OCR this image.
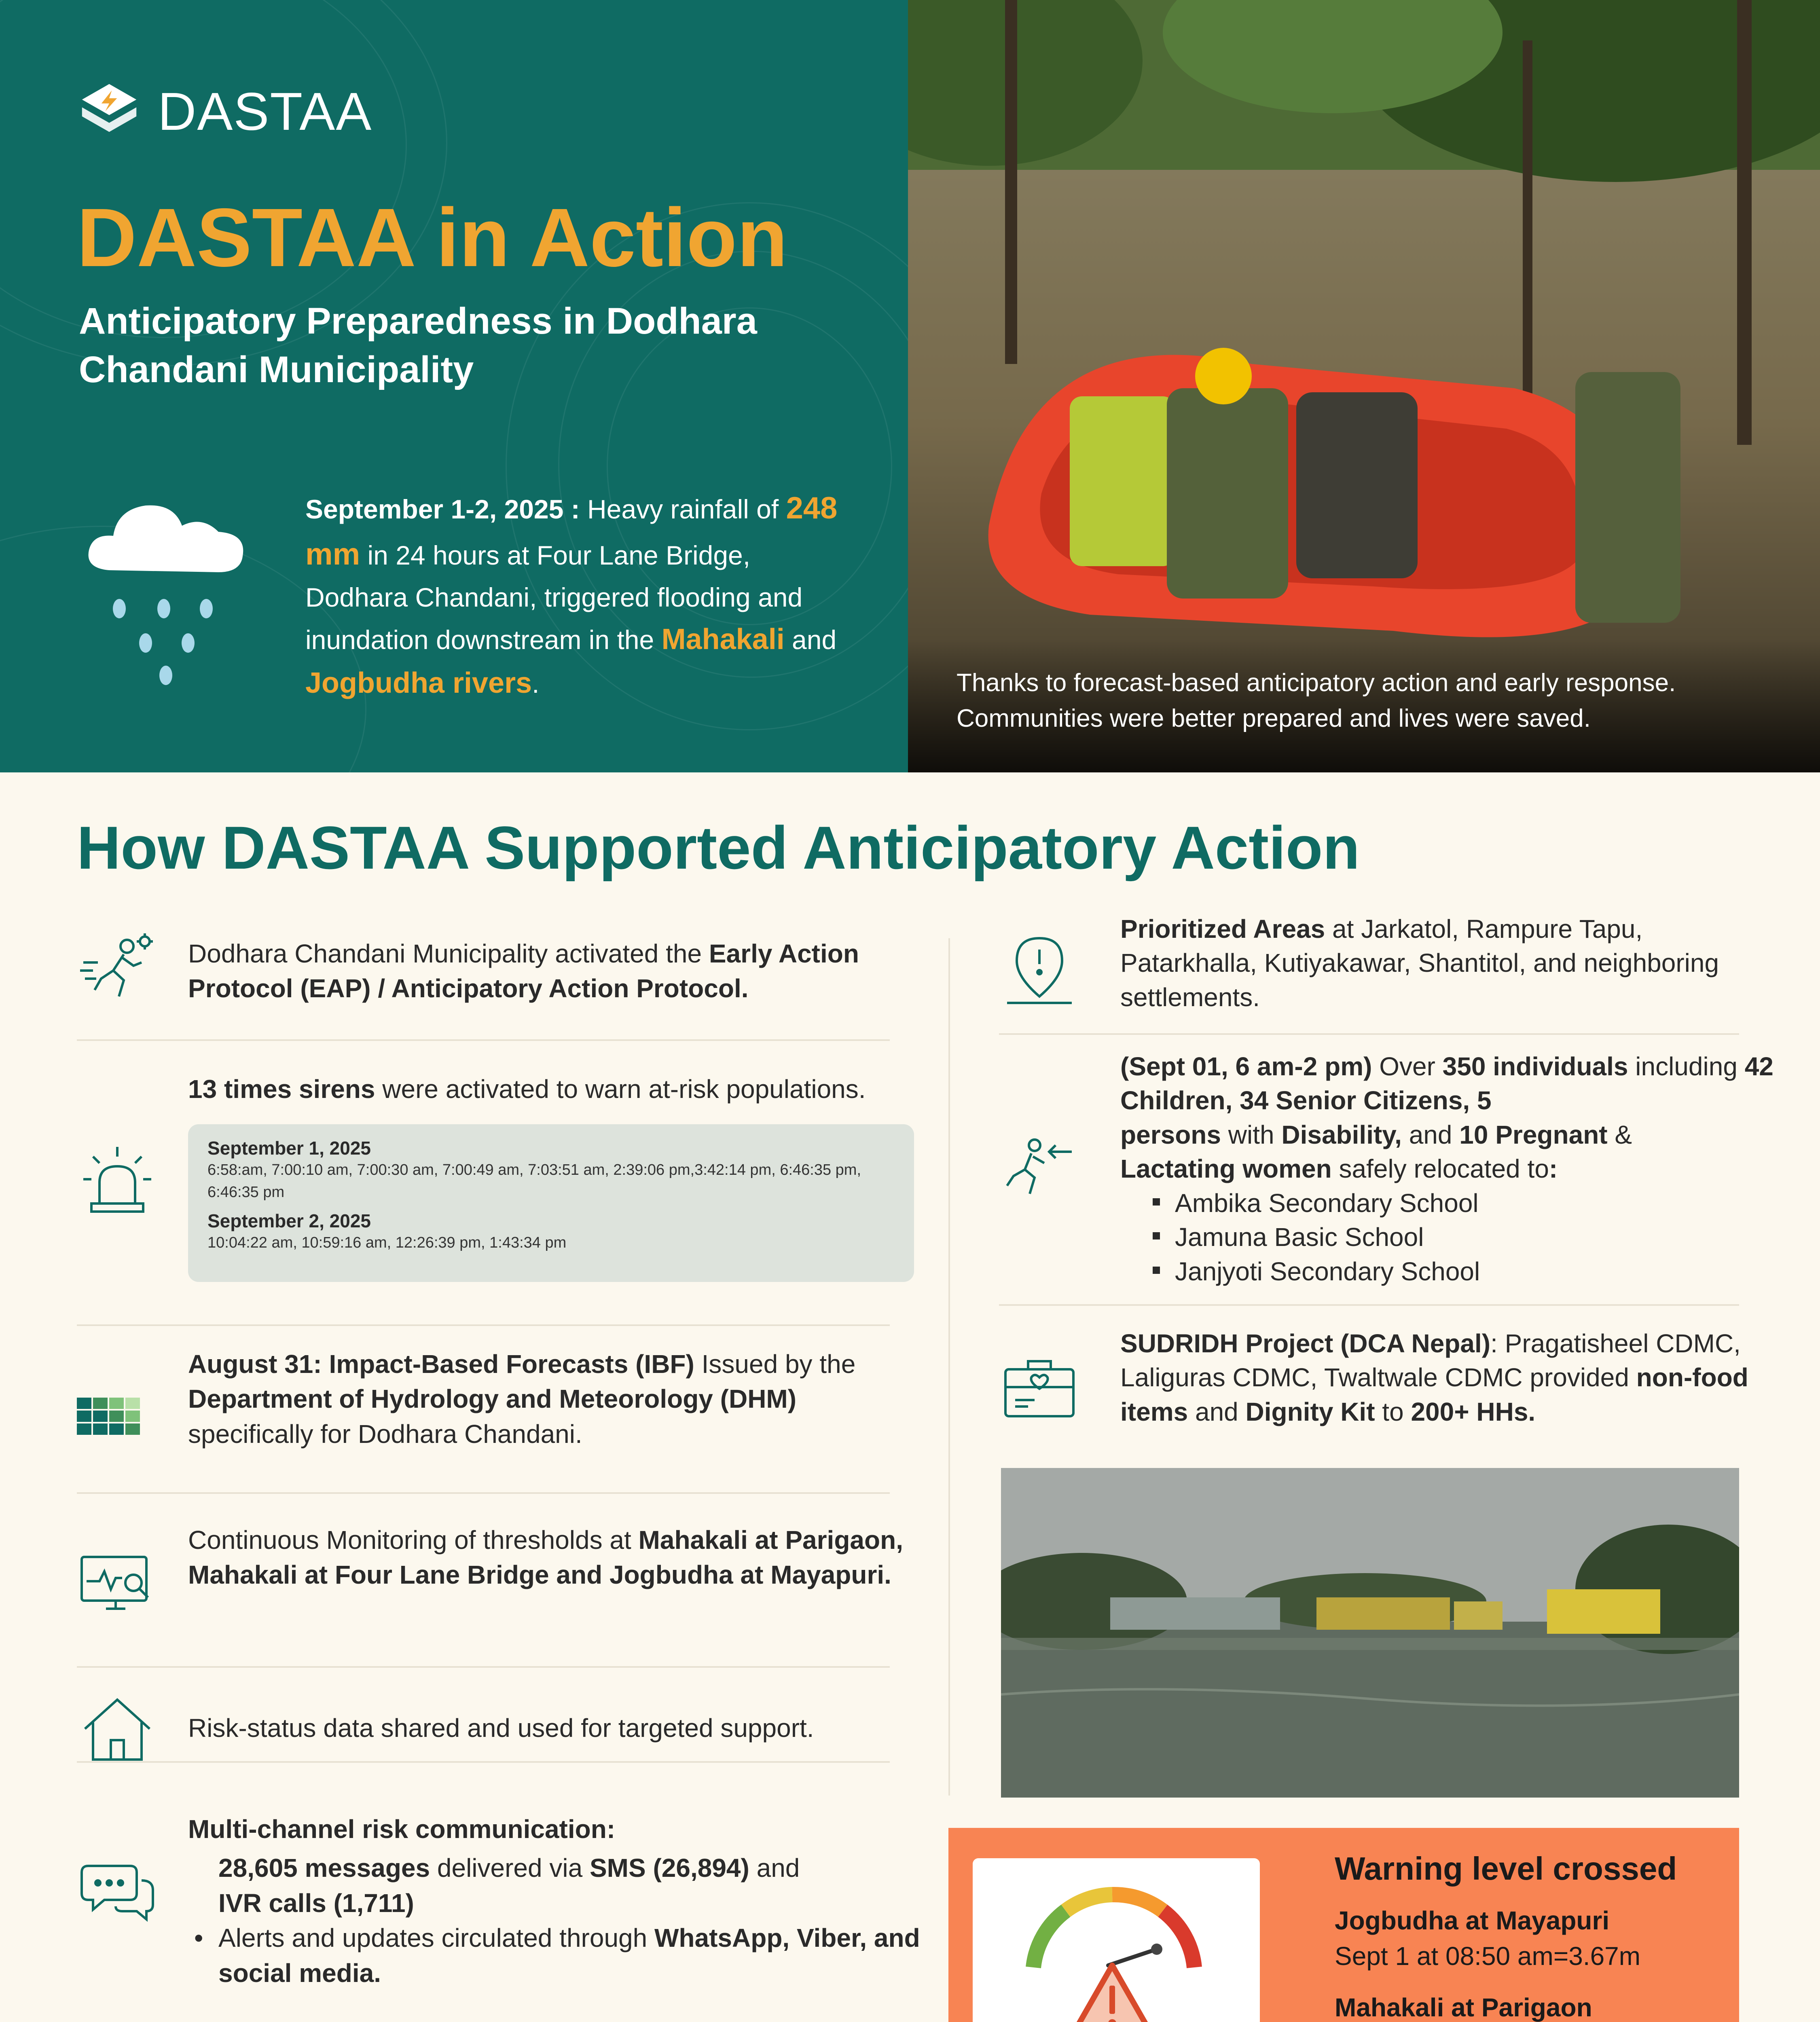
DASTAA
DASTAA in Action
Anticipatory Preparedness in Dodhara Chandani Municipality
September 1-2, 2025 : Heavy rainfall of 248 mm in 24 hours at Four Lane Bridge, Dodhara Chandani, triggered flooding and inundation downstream in the Mahakali and Jogbudha rivers.	Thanks to forecast-based anticipatory action and early response. Communities were better prepared and lives were saved.
How DASTAA Supported Anticipatory Action
Dodhara Chandani Municipality activated the Early Action Protocol (EAP) / Anticipatory Action Protocol.
13 times sirens were activated to warn at-risk populations.
September 1, 2025
6:58:am, 7:00:10 am, 7:00:30 am, 7:00:49 am, 7:03:51 am, 2:39:06 pm,3:42:14 pm, 6:46:35 pm, 6:46:35 pm
September 2, 2025
10:04:22 am, 10:59:16 am, 12:26:39 pm, 1:43:34 pm
August 31: Impact-Based Forecasts (IBF) Issued by the Department of Hydrology and Meteorology (DHM) specifically for Dodhara Chandani.
Continuous Monitoring of thresholds at Mahakali at Parigaon, Mahakali at Four Lane Bridge and Jogbudha at Mayapuri.
Risk-status data shared and used for targeted support.
Multi-channel risk communication:
28,605 messages delivered via SMS (26,894) and
IVR calls (1,711)
• Alerts and updates circulated through WhatsApp, Viber, and social media.
Prioritized Areas at Jarkatol, Rampure Tapu, Patarkhalla, Kutiyakawar, Shantitol, and neighboring settlements.
(Sept 01, 6 am-2 pm) Over 350 individuals including 42 Children, 34 Senior Citizens, 5
persons with Disability, and 10 Pregnant &
Lactating women safely relocated to:
Ambika Secondary School
Jamuna Basic School
Janjyoti Secondary School
SUDRIDH Project (DCA Nepal): Pragatisheel CDMC, Laliguras CDMC, Twaltwale CDMC provided non-food items and Dignity Kit to 200+ HHs.
Warning level crossed
Jogbudha at Mayapuri
Sept 1 at 08:50 am=3.67m
Mahakali at Parigaon
